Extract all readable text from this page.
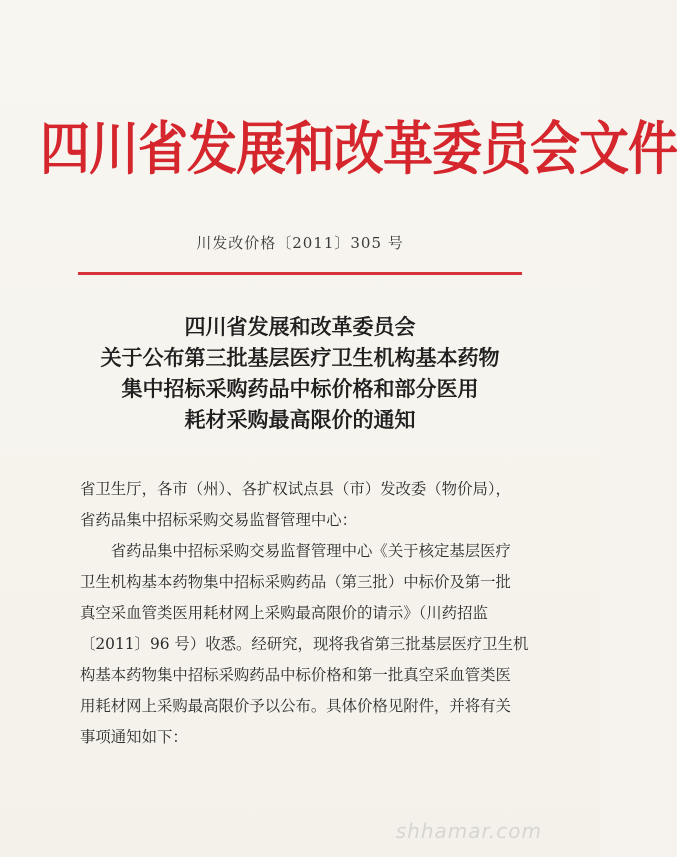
四川省发展和改革委员会文件
川发改价格〔2011〕305 号
四川省发展和改革委员会
关于公布第三批基层医疗卫生机构基本药物
集中招标采购药品中标价格和部分医用
耗材采购最高限价的通知
省卫生厅，各市（州）、各扩权试点县（市）发改委（物价局），
省药品集中招标采购交易监督管理中心：
　　省药品集中招标采购交易监督管理中心《关于核定基层医疗
卫生机构基本药物集中招标采购药品（第三批）中标价及第一批
真空采血管类医用耗材网上采购最高限价的请示》（川药招监
〔2011〕96 号）收悉。经研究，现将我省第三批基层医疗卫生机
构基本药物集中招标采购药品中标价格和第一批真空采血管类医
用耗材网上采购最高限价予以公布。具体价格见附件，并将有关
事项通知如下：
shhamar.com
